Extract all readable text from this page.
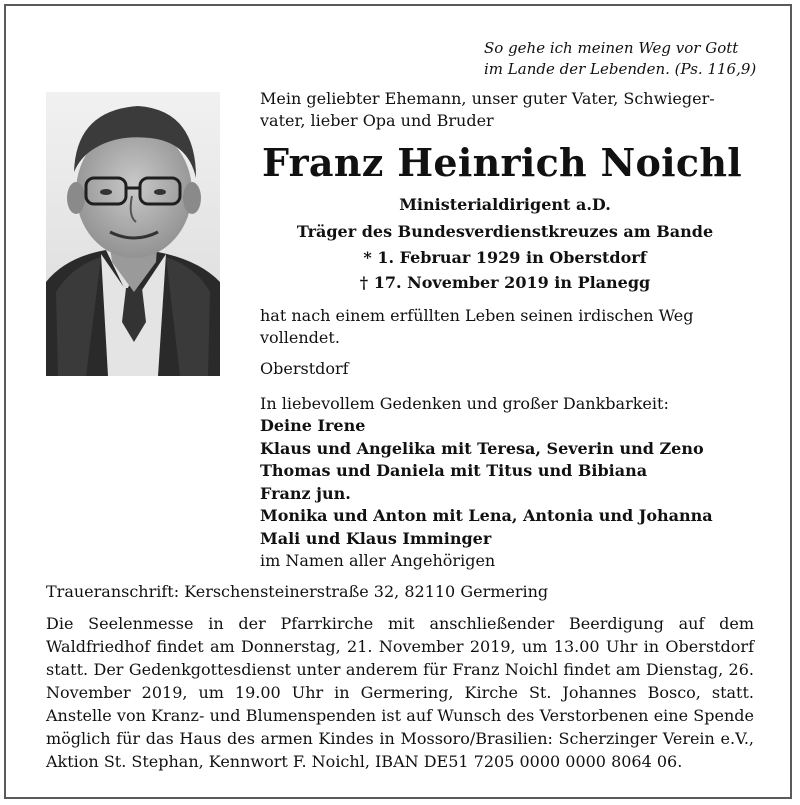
So gehe ich meinen Weg vor Gott
im Lande der Lebenden. (Ps. 116,9)
Mein geliebter Ehemann, unser guter Vater, Schwieger-
vater, lieber Opa und Bruder
Franz Heinrich Noichl
Ministerialdirigent a.D.
Träger des Bundesverdienstkreuzes am Bande
* 1. Februar 1929 in Oberstdorf
† 17. November 2019 in Planegg
hat nach einem erfüllten Leben seinen irdischen Weg vollendet.
Oberstdorf
In liebevollem Gedenken und großer Dankbarkeit:
Deine Irene
Klaus und Angelika mit Teresa, Severin und Zeno
Thomas und Daniela mit Titus und Bibiana
Franz jun.
Monika und Anton mit Lena, Antonia und Johanna
Mali und Klaus Imminger
im Namen aller Angehörigen
Traueranschrift: Kerschensteinerstraße 32, 82110 Germering
Die Seelenmesse in der Pfarrkirche mit anschließender Beerdigung auf dem Waldfriedhof findet am Donnerstag, 21. November 2019, um 13.00 Uhr in Oberstdorf statt. Der Gedenkgottesdienst unter anderem für Franz Noichl findet am Dienstag, 26. November 2019, um 19.00 Uhr in Germering, Kirche St. Johannes Bosco, statt. Anstelle von Kranz- und Blumenspenden ist auf Wunsch des Verstorbenen eine Spende möglich für das Haus des armen Kindes in Mossoro/Brasilien: Scherzinger Verein e.V., Aktion St. Stephan, Kennwort F. Noichl, IBAN DE51 7205 0000 0000 8064 06.
